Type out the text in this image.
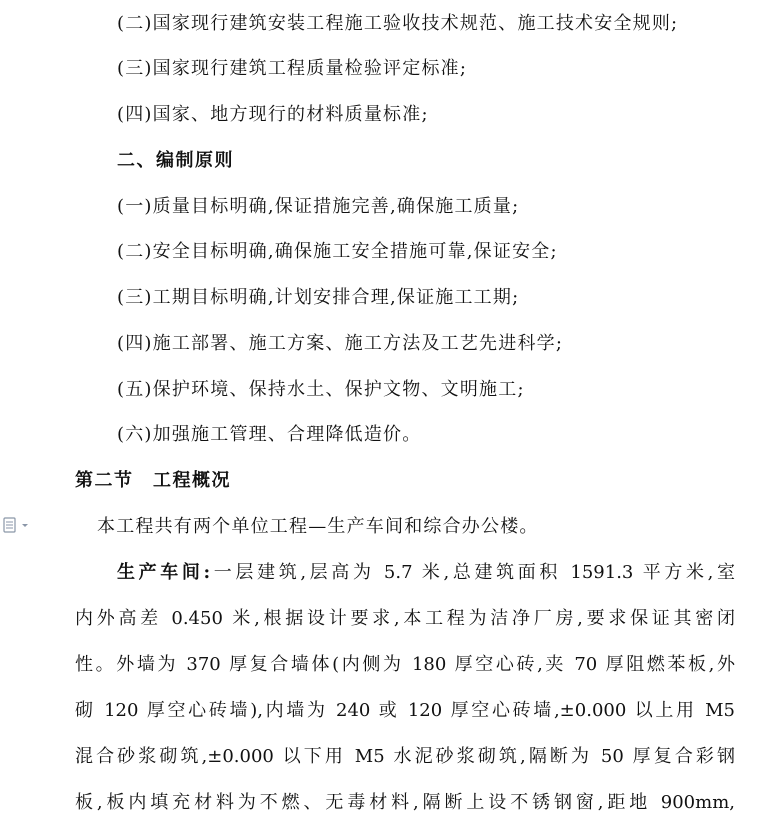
(二)国家现行建筑安装工程施工验收技术规范、施工技术安全规则;
(三)国家现行建筑工程质量检验评定标准;
(四)国家、地方现行的材料质量标准;
二、编制原则
(一)质量目标明确,保证措施完善,确保施工质量;
(二)安全目标明确,确保施工安全措施可靠,保证安全;
(三)工期目标明确,计划安排合理,保证施工工期;
(四)施工部署、施工方案、施工方法及工艺先进科学;
(五)保护环境、保持水土、保护文物、文明施工;
(六)加强施工管理、合理降低造价。
第二节　工程概况
本工程共有两个单位工程—生产车间和综合办公楼。
生产车间:一层建筑,层高为 5.7 米,总建筑面积 1591.3 平方米,室
内外高差 0.450 米,根据设计要求,本工程为洁净厂房,要求保证其密闭
性。外墙为 370 厚复合墙体(内侧为 180 厚空心砖,夹 70 厚阻燃苯板,外
砌 120 厚空心砖墙),内墙为 240 或 120 厚空心砖墙,±0.000 以上用 M5
混合砂浆砌筑,±0.000 以下用 M5 水泥砂浆砌筑,隔断为 50 厚复合彩钢
板,板内填充材料为不燃、无毒材料,隔断上设不锈钢窗,距地 900mm,
